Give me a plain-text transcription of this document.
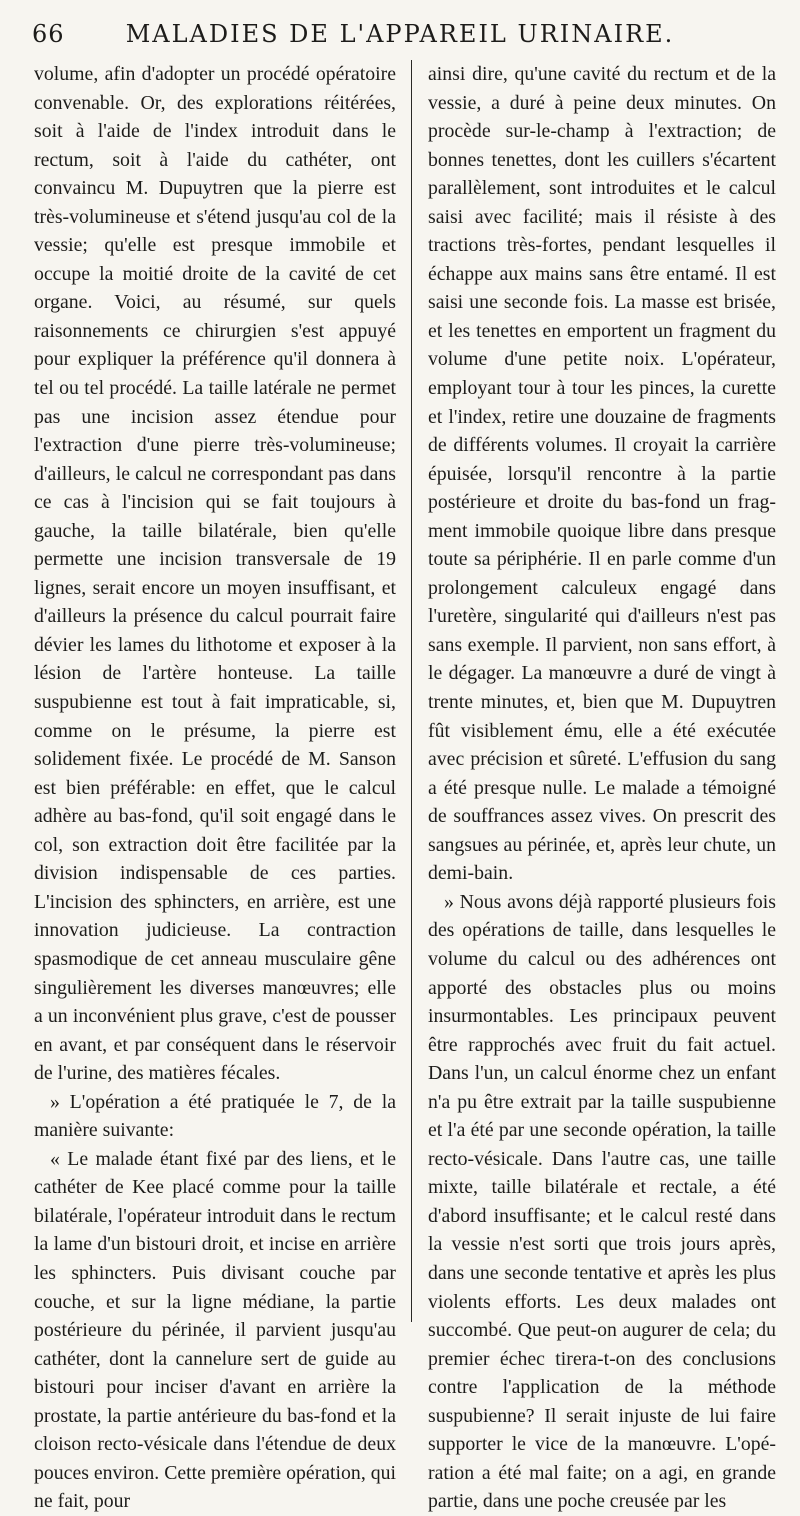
66	MALADIES DE L'APPAREIL URINAIRE.

volume, afin d'adopter un procédé opératoire convenable. Or, des explorations réitérées, soit à l'aide de l'index introduit dans le rectum, soit à l'aide du cathéter, ont convaincu M. Dupuytren que la pierre est très-volumineuse et s'étend jusqu'au col de la vessie; qu'elle est presque immobile et occupe la moitié droite de la cavité de cet organe. Voici, au résumé, sur quels raisonnements ce chirurgien s'est appuyé pour expliquer la préférence qu'il donnera à tel ou tel procédé. La taille latérale ne permet pas une incision assez étendue pour l'extraction d'une pierre très-volumineuse; d'ailleurs, le calcul ne correspondant pas dans ce cas à l'incision qui se fait toujours à gauche, la taille bilatérale, bien qu'elle permette une incision transversale de 19 lignes, serait encore un moyen insuffisant, et d'ailleurs la présence du calcul pourrait faire dévier les lames du lithotome et exposer à la lésion de l'artère honteuse. La taille suspubienne est tout à fait impraticable, si, comme on le présume, la pierre est solidement fixée. Le procédé de M. Sanson est bien préférable: en effet, que le calcul adhère au bas-fond, qu'il soit engagé dans le col, son extraction doit être facilitée par la division indispensable de ces parties. L'incision des sphincters, en arrière, est une innovation judicieuse. La contraction spasmodique de cet anneau musculaire gêne singulièrement les diverses manœuvres; elle a un inconvénient plus grave, c'est de pousser en avant, et par conséquent dans le réservoir de l'urine, des matières fécales.

» L'opération a été pratiquée le 7, de la manière suivante:

« Le malade étant fixé par des liens, et le cathéter de Kee placé comme pour la taille bilatérale, l'opérateur introduit dans le rectum la lame d'un bistouri droit, et incise en arrière les sphincters. Puis divisant couche par couche, et sur la ligne médiane, la partie postérieure du périnée, il parvient jusqu'au cathéter, dont la cannelure sert de guide au bistouri pour inciser d'avant en arrière la prostate, la partie antérieure du bas-fond et la cloison recto-vésicale dans l'étendue de deux pouces environ. Cette première opération, qui ne fait, pour

ainsi dire, qu'une cavité du rectum et de la vessie, a duré à peine deux minutes. On procède sur-le-champ à l'extraction; de bonnes tenettes, dont les cuillers s'écartent parallèlement, sont introduites et le calcul saisi avec facilité; mais il résiste à des tractions très-fortes, pendant lesquelles il échappe aux mains sans être entamé. Il est saisi une seconde fois. La masse est brisée, et les tenettes en emportent un fragment du volume d'une petite noix. L'opérateur, employant tour à tour les pinces, la curette et l'index, retire une douzaine de fragments de différents volumes. Il croyait la carrière épuisée, lorsqu'il rencontre à la partie postérieure et droite du bas-fond un fragment immobile quoique libre dans presque toute sa périphérie. Il en parle comme d'un prolongement calculeux engagé dans l'uretère, singularité qui d'ailleurs n'est pas sans exemple. Il parvient, non sans effort, à le dégager. La manœuvre a duré de vingt à trente minutes, et, bien que M. Dupuytren fût visiblement ému, elle a été exécutée avec précision et sûreté. L'effusion du sang a été presque nulle. Le malade a témoigné de souffrances assez vives. On prescrit des sangsues au périnée, et, après leur chute, un demi-bain.

» Nous avons déjà rapporté plusieurs fois des opérations de taille, dans lesquelles le volume du calcul ou des adhérences ont apporté des obstacles plus ou moins insurmontables. Les principaux peuvent être rapprochés avec fruit du fait actuel. Dans l'un, un calcul énorme chez un enfant n'a pu être extrait par la taille suspubienne et l'a été par une seconde opération, la taille recto-vésicale. Dans l'autre cas, une taille mixte, taille bilatérale et rectale, a été d'abord insuffisante; et le calcul resté dans la vessie n'est sorti que trois jours après, dans une seconde tentative et après les plus violents efforts. Les deux malades ont succombé. Que peut-on augurer de cela; du premier échec tirera-t-on des conclusions contre l'application de la méthode suspubienne? Il serait injuste de lui faire supporter le vice de la manœuvre. L'opération a été mal faite; on a agi, en grande partie, dans une poche creusée par les
